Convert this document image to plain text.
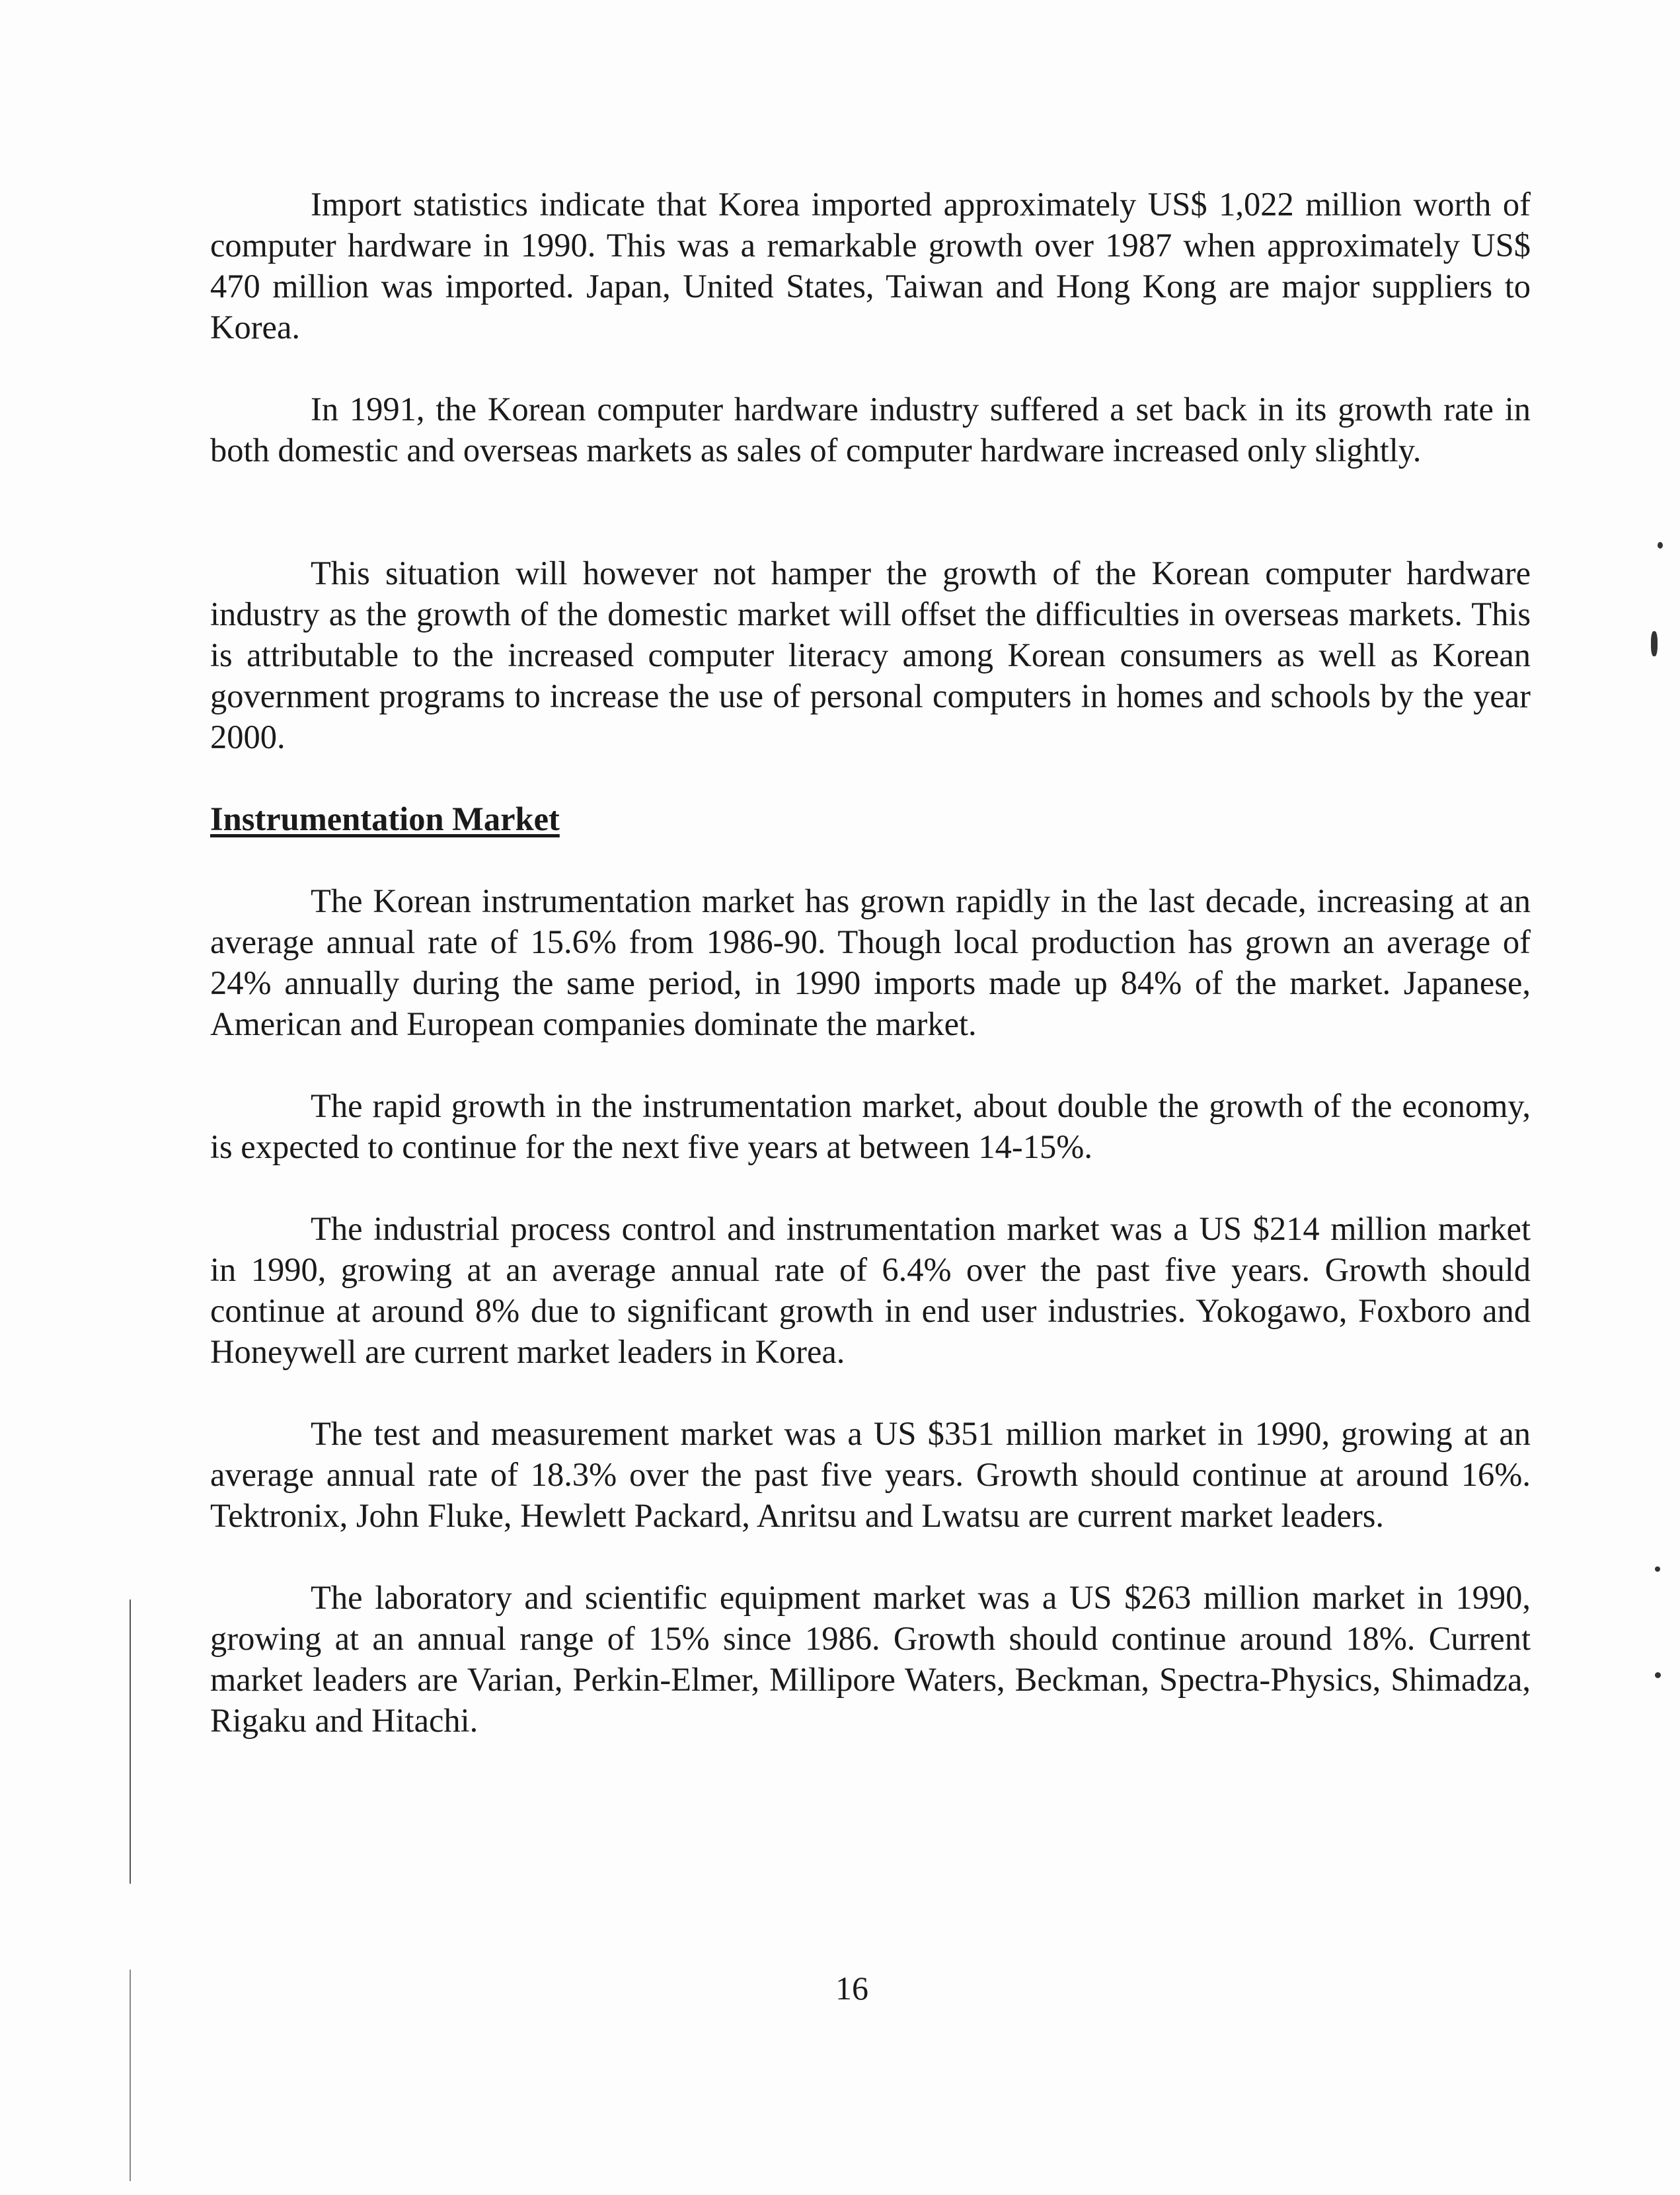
Import statistics indicate that Korea imported approximately US$ 1,022 million worth of computer hardware in 1990. This was a remarkable growth over 1987 when approximately US$ 470 million was imported. Japan, United States, Taiwan and Hong Kong are major suppliers to Korea.

In 1991, the Korean computer hardware industry suffered a set back in its growth rate in both domestic and overseas markets as sales of computer hardware increased only slightly.

This situation will however not hamper the growth of the Korean computer hardware industry as the growth of the domestic market will offset the difficulties in overseas markets. This is attributable to the increased computer literacy among Korean consumers as well as Korean government programs to increase the use of personal computers in homes and schools by the year 2000.

Instrumentation Market

The Korean instrumentation market has grown rapidly in the last decade, increasing at an average annual rate of 15.6% from 1986-90. Though local production has grown an average of 24% annually during the same period, in 1990 imports made up 84% of the market. Japanese, American and European companies dominate the market.

The rapid growth in the instrumentation market, about double the growth of the economy, is expected to continue for the next five years at between 14-15%.

The industrial process control and instrumentation market was a US $214 million market in 1990, growing at an average annual rate of 6.4% over the past five years. Growth should continue at around 8% due to significant growth in end user industries. Yokogawo, Foxboro and Honeywell are current market leaders in Korea.

The test and measurement market was a US $351 million market in 1990, growing at an average annual rate of 18.3% over the past five years. Growth should continue at around 16%. Tektronix, John Fluke, Hewlett Packard, Anritsu and Lwatsu are current market leaders.

The laboratory and scientific equipment market was a US $263 million market in 1990, growing at an annual range of 15% since 1986. Growth should continue around 18%. Current market leaders are Varian, Perkin-Elmer, Millipore Waters, Beckman, Spectra-Physics, Shimadza, Rigaku and Hitachi.

16
